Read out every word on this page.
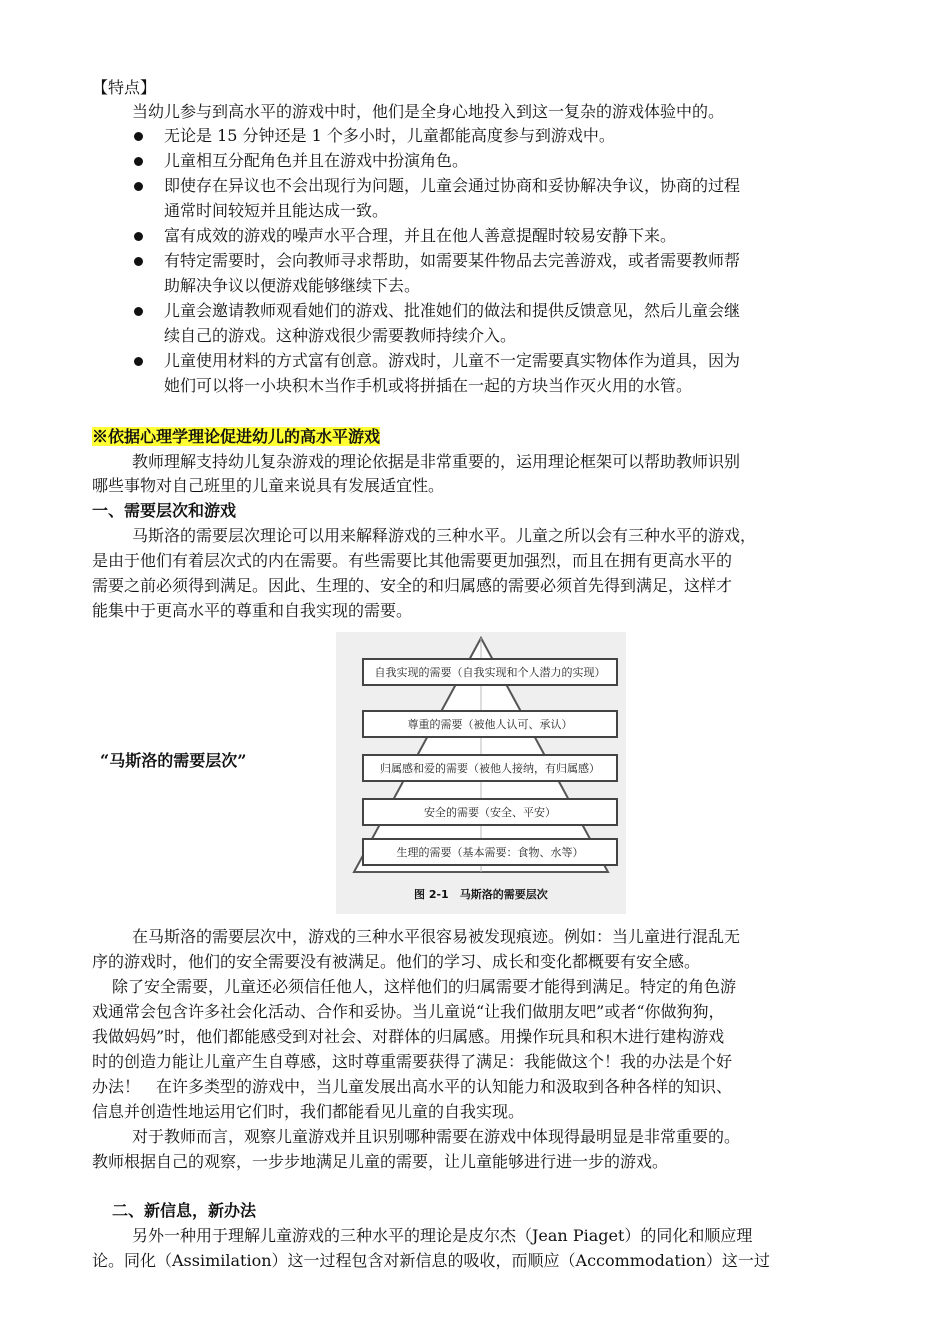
【特点】
当幼儿参与到高水平的游戏中时，他们是全身心地投入到这一复杂的游戏体验中的。
无论是 15 分钟还是 1 个多小时，儿童都能高度参与到游戏中。
儿童相互分配角色并且在游戏中扮演角色。
即使存在异议也不会出现行为问题，儿童会通过协商和妥协解决争议，协商的过程
通常时间较短并且能达成一致。
富有成效的游戏的噪声水平合理，并且在他人善意提醒时较易安静下来。
有特定需要时，会向教师寻求帮助，如需要某件物品去完善游戏，或者需要教师帮
助解决争议以便游戏能够继续下去。
儿童会邀请教师观看她们的游戏、批准她们的做法和提供反馈意见，然后儿童会继
续自己的游戏。这种游戏很少需要教师持续介入。
儿童使用材料的方式富有创意。游戏时，儿童不一定需要真实物体作为道具，因为
她们可以将一小块积木当作手机或将拼插在一起的方块当作灭火用的水管。
※依据心理学理论促进幼儿的高水平游戏
教师理解支持幼儿复杂游戏的理论依据是非常重要的，运用理论框架可以帮助教师识别
哪些事物对自己班里的儿童来说具有发展适宜性。
一、需要层次和游戏
马斯洛的需要层次理论可以用来解释游戏的三种水平。儿童之所以会有三种水平的游戏，
是由于他们有着层次式的内在需要。有些需要比其他需要更加强烈，而且在拥有更高水平的
需要之前必须得到满足。因此、生理的、安全的和归属感的需要必须首先得到满足，这样才
能集中于更高水平的尊重和自我实现的需要。
在马斯洛的需要层次中，游戏的三种水平很容易被发现痕迹。例如：当儿童进行混乱无
序的游戏时，他们的安全需要没有被满足。他们的学习、成长和变化都概要有安全感。
除了安全需要，儿童还必须信任他人，这样他们的归属需要才能得到满足。特定的角色游
戏通常会包含许多社会化活动、合作和妥协。当儿童说“让我们做朋友吧”或者“你做狗狗，
我做妈妈”时，他们都能感受到对社会、对群体的归属感。用操作玩具和积木进行建构游戏
时的创造力能让儿童产生自尊感，这时尊重需要获得了满足：我能做这个！我的办法是个好
办法！　在许多类型的游戏中，当儿童发展出高水平的认知能力和汲取到各种各样的知识、
信息并创造性地运用它们时，我们都能看见儿童的自我实现。
对于教师而言，观察儿童游戏并且识别哪种需要在游戏中体现得最明显是非常重要的。
教师根据自己的观察，一步步地满足儿童的需要，让儿童能够进行进一步的游戏。
二、新信息，新办法
另外一种用于理解儿童游戏的三种水平的理论是皮尔杰（Jean Piaget）的同化和顺应理
论。同化（Assimilation）这一过程包含对新信息的吸收，而顺应（Accommodation）这一过
“马斯洛的需要层次”
自我实现的需要（自我实现和个人潜力的实现）
尊重的需要（被他人认可、承认）
归属感和爱的需要（被他人接纳，有归属感）
安全的需要（安全、平安）
生理的需要（基本需要：食物、水等）
图 2-1　马斯洛的需要层次
